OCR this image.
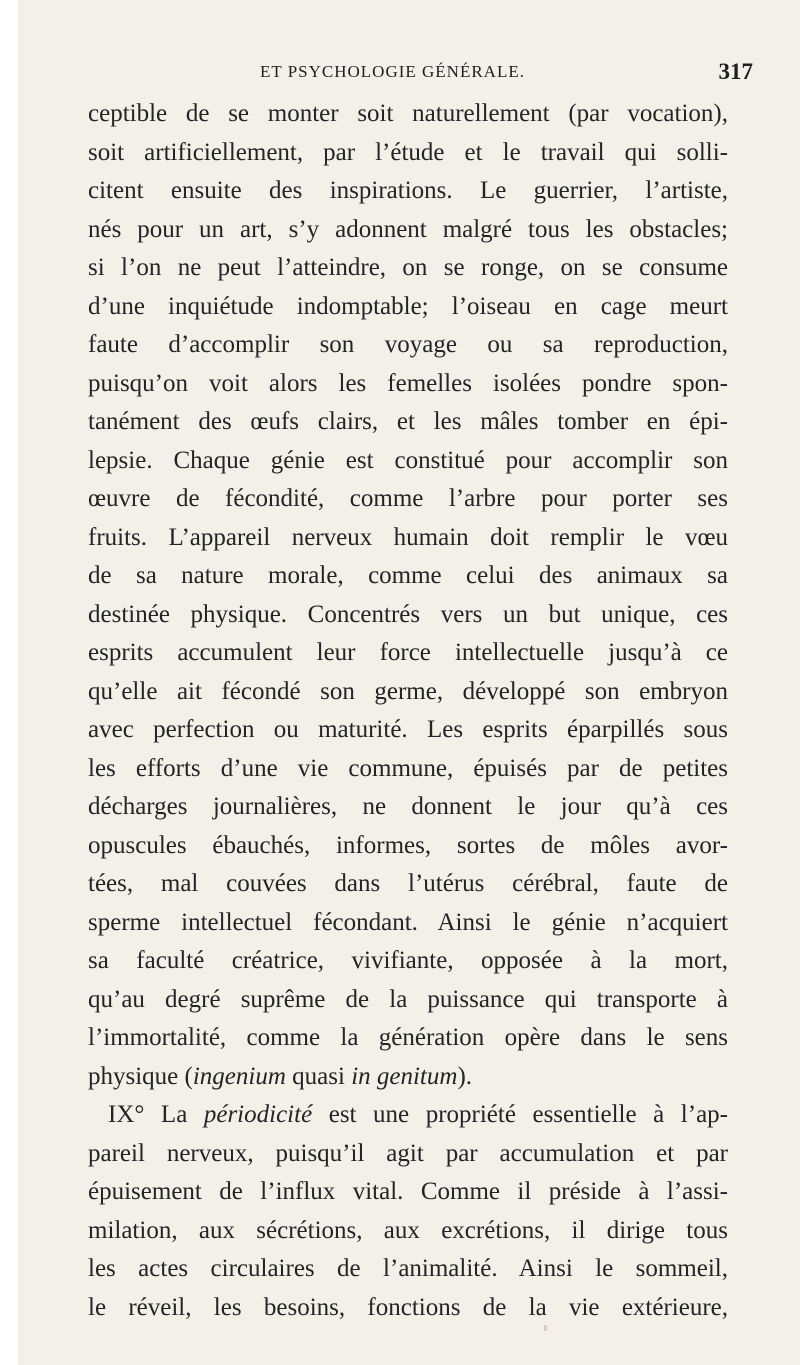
ET PSYCHOLOGIE GÉNÉRALE.	317
ceptible de se monter soit naturellement (par vocation),
soit artificiellement, par l’étude et le travail qui solli-
citent ensuite des inspirations. Le guerrier, l’artiste,
nés pour un art, s’y adonnent malgré tous les obstacles;
si l’on ne peut l’atteindre, on se ronge, on se consume
d’une inquiétude indomptable; l’oiseau en cage meurt
faute d’accomplir son voyage ou sa reproduction,
puisqu’on voit alors les femelles isolées pondre spon-
tanément des œufs clairs, et les mâles tomber en épi-
lepsie. Chaque génie est constitué pour accomplir son
œuvre de fécondité, comme l’arbre pour porter ses
fruits. L’appareil nerveux humain doit remplir le vœu
de sa nature morale, comme celui des animaux sa
destinée physique. Concentrés vers un but unique, ces
esprits accumulent leur force intellectuelle jusqu’à ce
qu’elle ait fécondé son germe, développé son embryon
avec perfection ou maturité. Les esprits éparpillés sous
les efforts d’une vie commune, épuisés par de petites
décharges journalières, ne donnent le jour qu’à ces
opuscules ébauchés, informes, sortes de môles avor-
tées, mal couvées dans l’utérus cérébral, faute de
sperme intellectuel fécondant. Ainsi le génie n’acquiert
sa faculté créatrice, vivifiante, opposée à la mort,
qu’au degré suprême de la puissance qui transporte à
l’immortalité, comme la génération opère dans le sens
physique (ingenium quasi in genitum).
IX° La périodicité est une propriété essentielle à l’ap-
pareil nerveux, puisqu’il agit par accumulation et par
épuisement de l’influx vital. Comme il préside à l’assi-
milation, aux sécrétions, aux excrétions, il dirige tous
les actes circulaires de l’animalité. Ainsi le sommeil,
le réveil, les besoins, fonctions de la vie extérieure,
